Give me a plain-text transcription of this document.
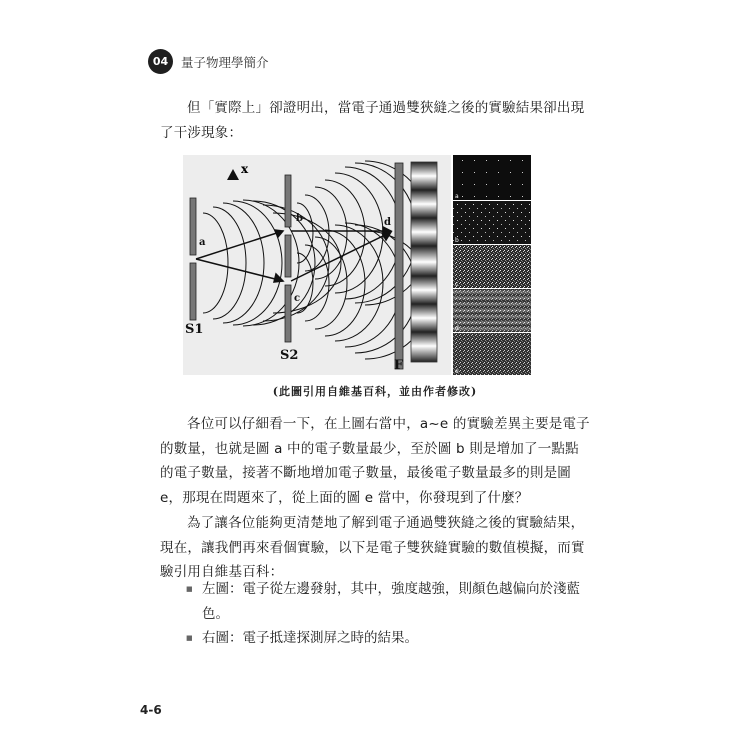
04	量子物理學簡介
但「實際上」卻證明出，當電子通過雙狹縫之後的實驗結果卻出現了干涉現象：
x
a
b
c
d
S1
S2
F
a
b
c
d
e
(此圖引用自維基百科，並由作者修改)
各位可以仔細看一下，在上圖右當中，a~e 的實驗差異主要是電子的數量，也就是圖 a 中的電子數量最少，至於圖 b 則是增加了一點點的電子數量，接著不斷地增加電子數量，最後電子數量最多的則是圖 e，那現在問題來了，從上面的圖 e 當中，你發現到了什麼？
為了讓各位能夠更清楚地了解到電子通過雙狹縫之後的實驗結果，現在，讓我們再來看個實驗，以下是電子雙狹縫實驗的數值模擬，而實驗引用自維基百科：
■ 左圖：電子從左邊發射，其中，強度越強，則顏色越偏向於淺藍色。
■ 右圖：電子抵達探測屏之時的結果。
4-6
